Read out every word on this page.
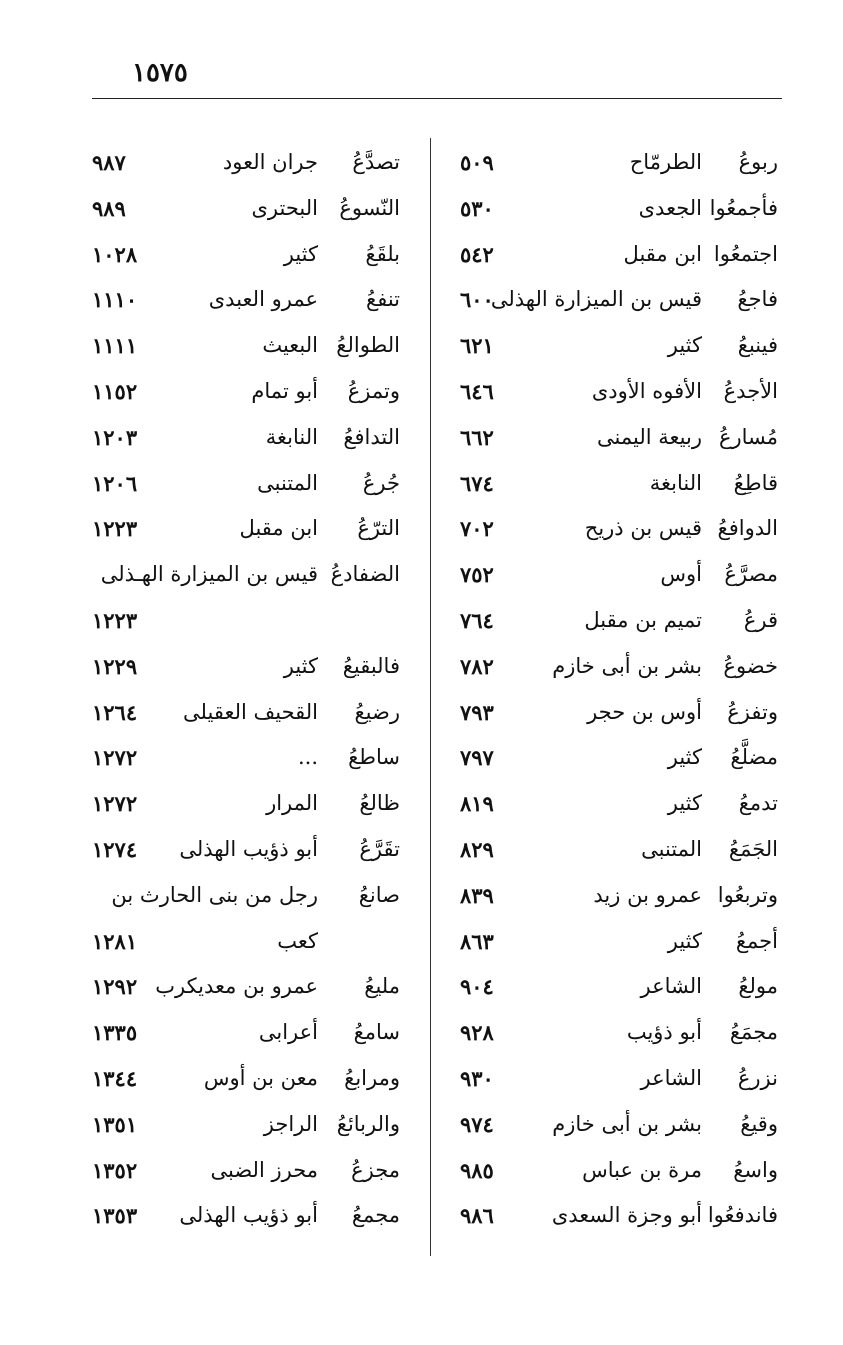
١٥٧٥
ربوعُ
الطرمّاح
٥٠٩
فأجمعُوا
الجعدى
٥٣٠
اجتمعُوا
ابن مقبل
٥٤٢
فاجعُ
قيس بن الميزارة الهذلى
٦٠٠
فينبعُ
كثير
٦٢١
الأجدعُ
الأفوه الأودى
٦٤٦
مُسارعُ
ربيعة اليمنى
٦٦٢
قاطِعُ
النابغة
٦٧٤
الدوافعُ
قيس بن ذريح
٧٠٢
مصرَّعُ
أوس
٧٥٢
قرعُ
تميم بن مقبل
٧٦٤
خضوعُ
بشر بن أبى خازم
٧٨٢
وتفزعُ
أوس بن حجر
٧٩٣
مضلَّعُ
كثير
٧٩٧
تدمعُ
كثير
٨١٩
الجَمَعُ
المتنبى
٨٢٩
وتربعُوا
عمرو بن زيد
٨٣٩
أجمعُ
كثير
٨٦٣
مولعُ
الشاعر
٩٠٤
مجمَعُ
أبو ذؤيب
٩٢٨
نزرعُ
الشاعر
٩٣٠
وقيعُ
بشر بن أبى خازم
٩٧٤
واسعُ
مرة بن عباس
٩٨٥
فاندفعُوا
أبو وجزة السعدى
٩٨٦
تصدَّعُ
جران العود
٩٨٧
النّسوعُ
البحترى
٩٨٩
بلقَعُ
كثير
١٠٢٨
تنفعُ
عمرو العبدى
١١١٠
الطوالعُ
البعيث
١١١١
وتمزعُ
أبو تمام
١١٥٢
التدافعُ
النابغة
١٢٠٣
جُرعُ
المتنبى
١٢٠٦
الترّعُ
ابن مقبل
١٢٢٣
الضفادعُ
قيس بن الميزارة الهـذلى
١٢٢٣
فالبقيعُ
كثير
١٢٢٩
رضيعُ
القحيف العقيلى
١٢٦٤
ساطعُ
...
١٢٧٢
ظالعُ
المرار
١٢٧٢
تقَرَّعُ
أبو ذؤيب الهذلى
١٢٧٤
صانعُ
رجل من بنى الحارث بن
كعب
١٢٨١
مليعُ
عمرو بن معديكرب
١٢٩٢
سامعُ
أعرابى
١٣٣٥
ومرابعُ
معن بن أوس
١٣٤٤
والربائعُ
الراجز
١٣٥١
مجزعُ
محرز الضبى
١٣٥٢
مجمعُ
أبو ذؤيب الهذلى
١٣٥٣
